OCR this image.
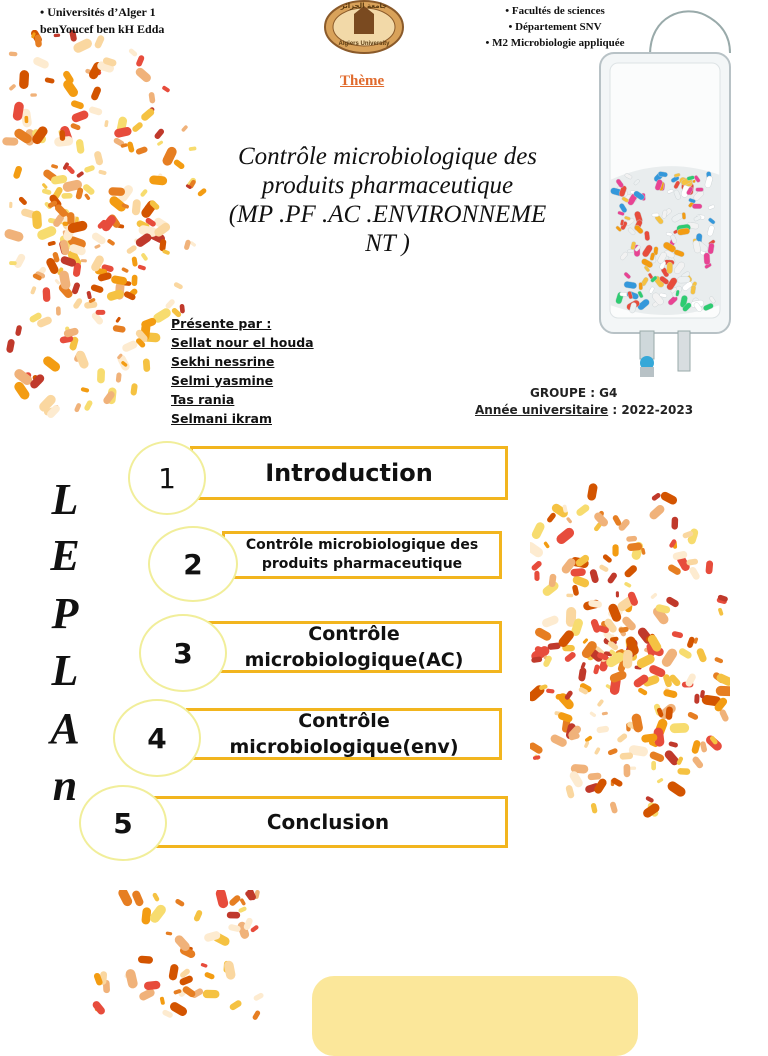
• Universités d’Alger 1
benYoucef ben kH Edda
Algiers University
جامعة الجزائر
•	Facultés de sciences
• Département SNV
• M2 Microbiologie appliquée
Thème
Contrôle microbiologique des
produits pharmaceutique
(MP .PF .AC .ENVIRONNEME
NT )
Présente par :
Sellat nour el houda
Sekhi nessrine
Selmi yasmine
Tas rania
Selmani ikram
GROUPE : G4
Année universitaire : 2022-2023
L
E
P
L
A
n
Introduction
1
Contrôle microbiologique des produits pharmaceutique
2
Contrôle microbiologique(AC)
3
Contrôle microbiologique(env)
4
Conclusion
5
